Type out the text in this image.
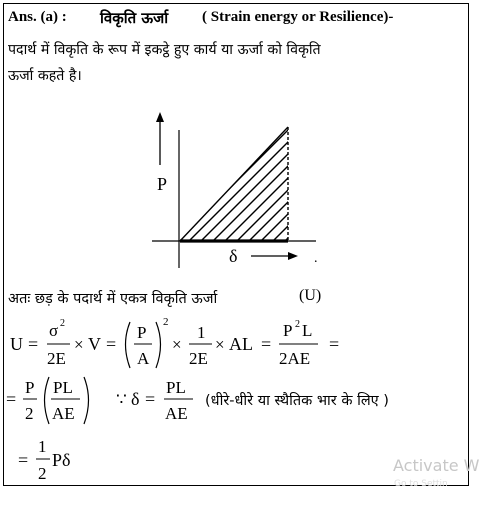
Ans. (a) : विकृति ऊर्जा ( Strain energy or Resilience)-
पदार्थ में विकृति के रूप में इकट्ठे हुए कार्य या ऊर्जा को विकृति
ऊर्जा कहते है।
P
δ	.
U =
σ 2
2E
× V =
P
A
2
×
1
2E
× AL =
P 2 L
2AE
=
=
P
2
PL
AE
∵ δ =
PL
AE
=
1
2
Pδ
अतः छड़ के पदार्थ में एकत्र विकृति ऊर्जा	(U)
(धीरे-धीरे या स्थैतिक भार के लिए )
Activate W
Go to Settin
